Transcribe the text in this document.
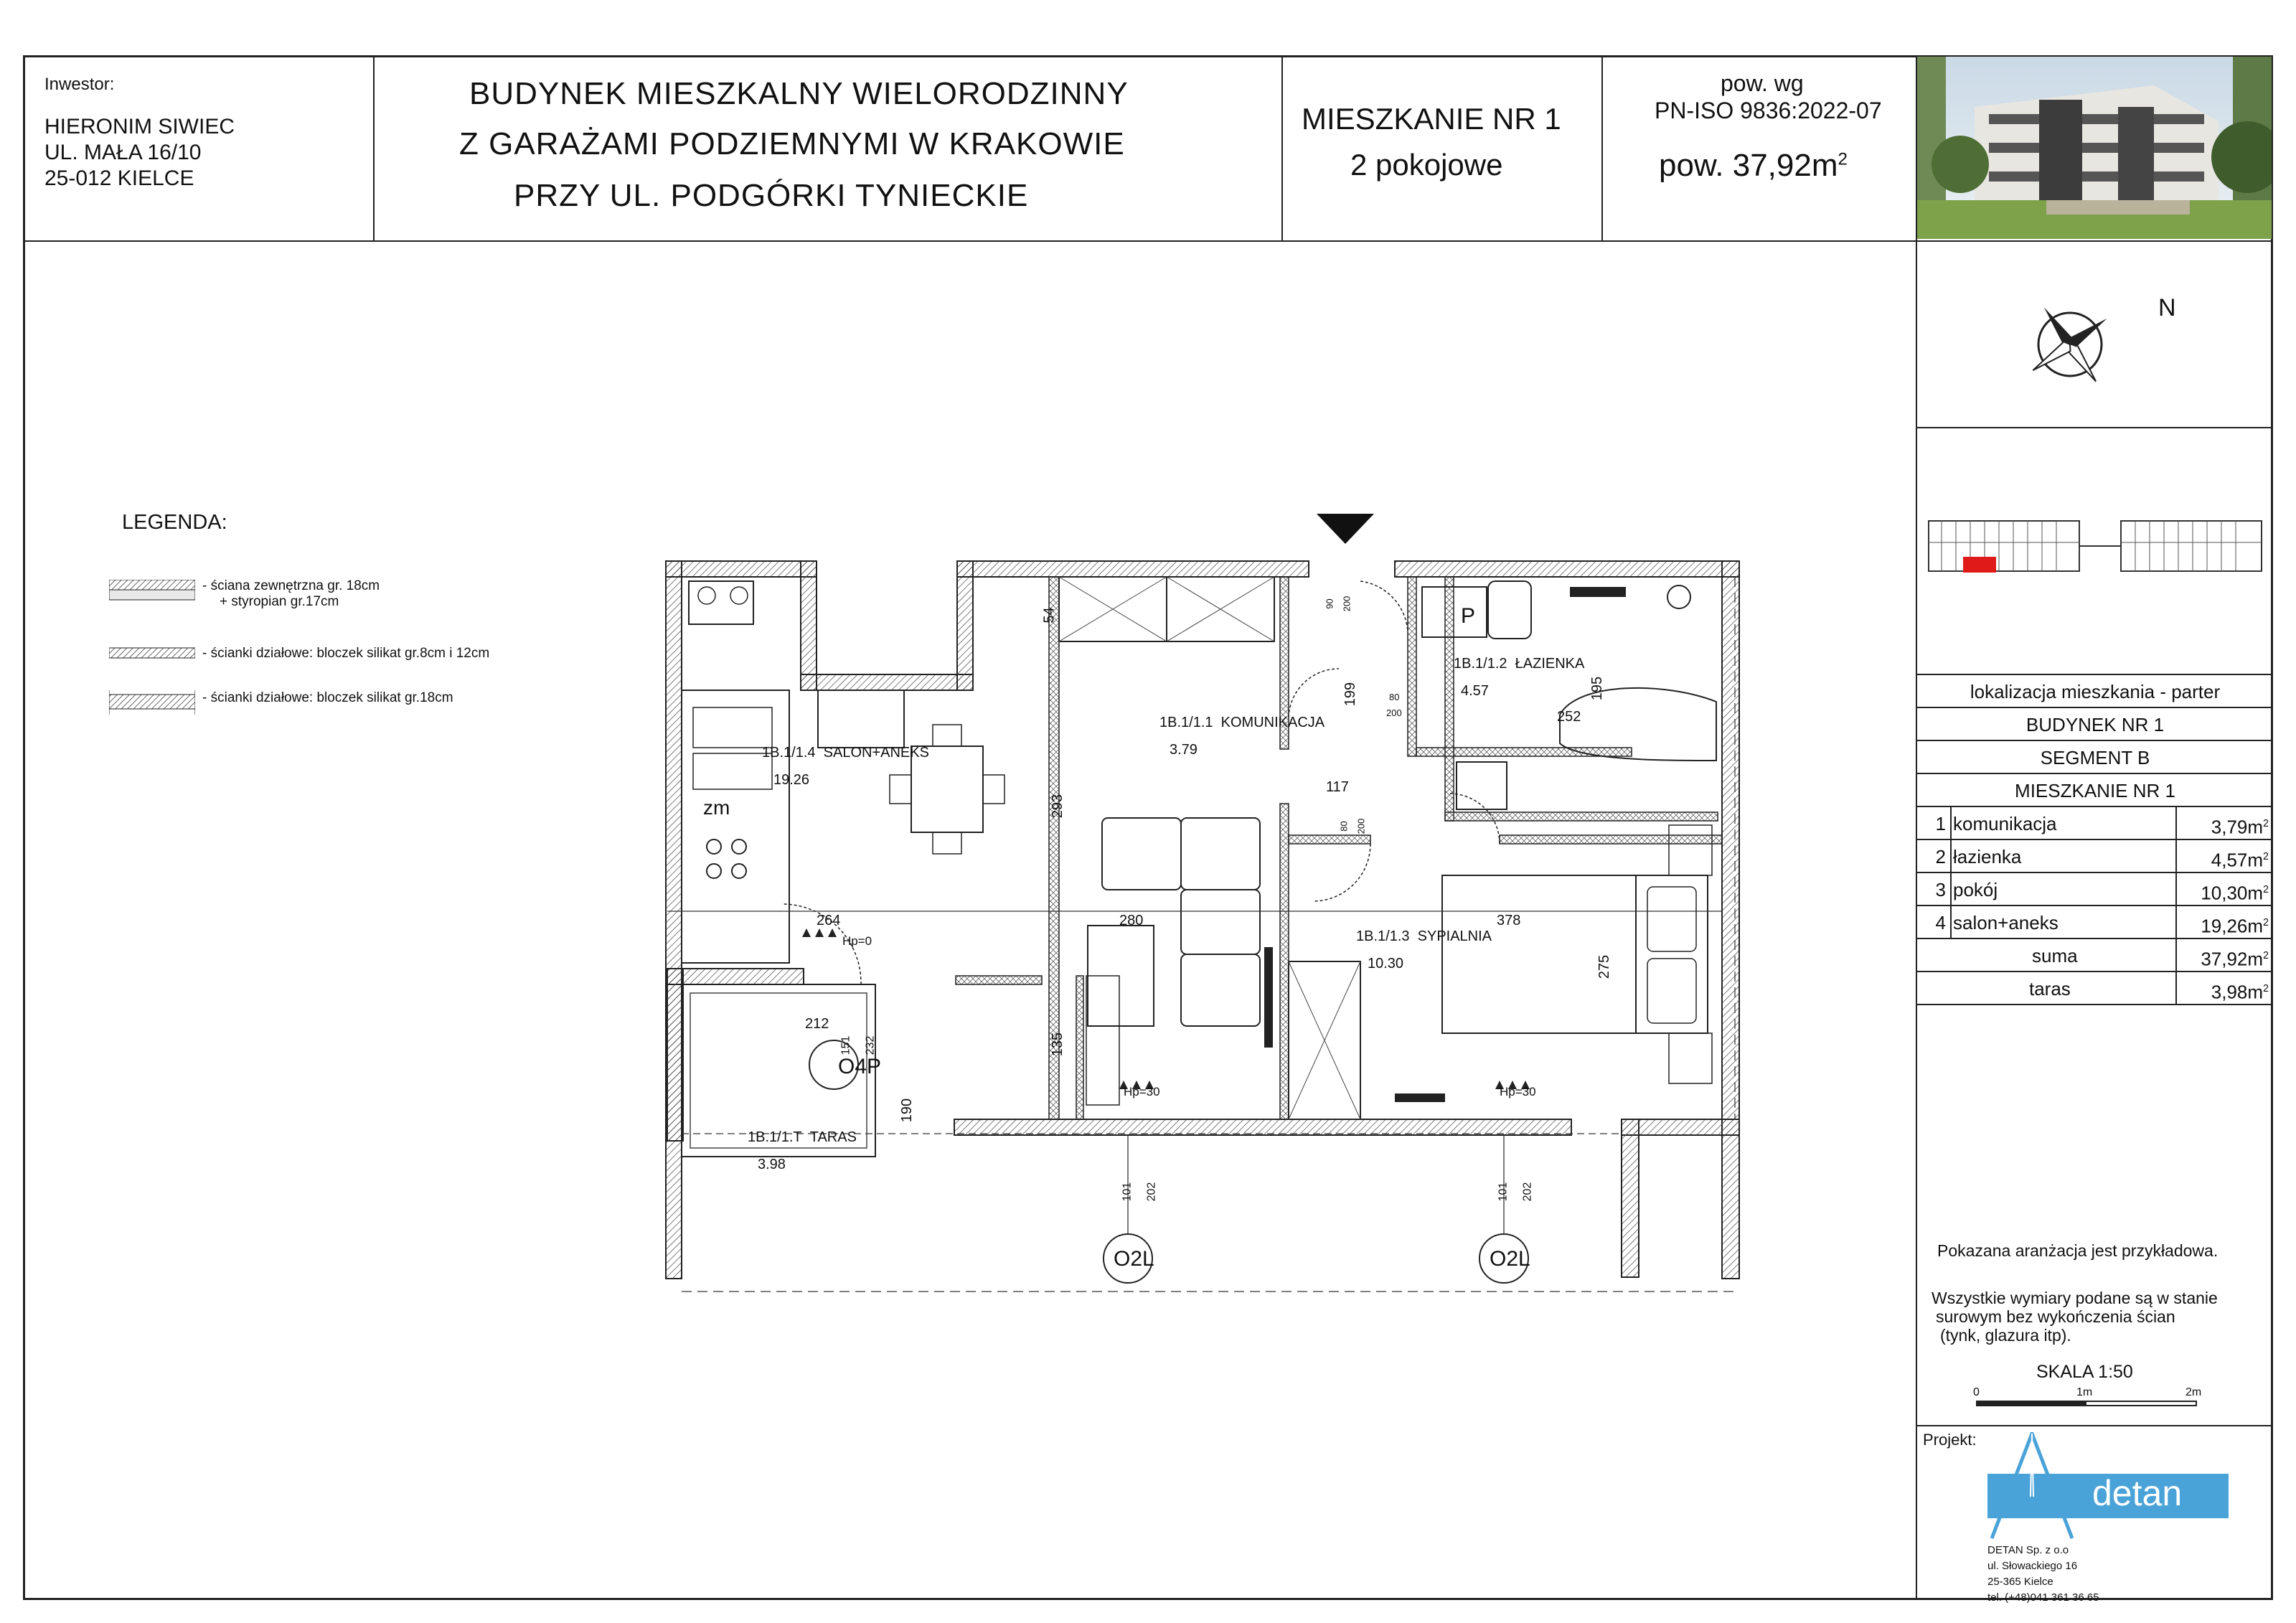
Inwestor:
HIERONIM SIWIEC
UL. MAŁA 16/10
25-012 KIELCE
BUDYNEK MIESZKALNY WIELORODZINNY
Z GARAŻAMI PODZIEMNYMI W KRAKOWIE
PRZY UL. PODGÓRKI TYNIECKIE
MIESZKANIE NR 1
2 pokojowe
pow. wg
PN-ISO 9836:2022-07
pow. $37,92m^2$
N
lokalizacja mieszkania - parter
BUDYNEK NR 1
SEGMENT B
MIESZKANIE NR 1
1 komunikacja	$3,79m^2$
2 łazienka	$4,57m^2$
3 pokój	$10,30m^2$
4 salon+aneks	$19,26m^2$
suma	$37,92m^2$
taras	$3,98m^2$
Pokazana aranżacja jest przykładowa.
Wszystkie wymiary podane są w stanie
surowym bez wykończenia ścian
(tynk, glazura itp).
SKALA 1:50
0	1m	2m
Projekt:
detan
DETAN Sp. z o.o
ul. Słowackiego 16
25-365 Kielce
tel. (+48)041 361 36 65
LEGENDA:
- ściana zewnętrzna gr. 18cm
+ styropian gr.17cm
- ścianki działowe: bloczek silikat gr.8cm i 12cm
- ścianki działowe: bloczek silikat gr.18cm
1B.1/1.4 SALON+ANEKS
19.26
1B.1/1.1 KOMUNIKACJA
3.79
1B.1/1.2 ŁAZIENKA
4.57
1B.1/1.3 SYPIALNIA
10.30
1B.1/1.T TARAS
3.98
zm
P
O4P
O2L	O2L
Hp=0
Hp=30	Hp=30
54
90 200
199	80
200
195
252
117
80 200
293
264	280	378
275
212
151 232	135
190
101 202	101 202
